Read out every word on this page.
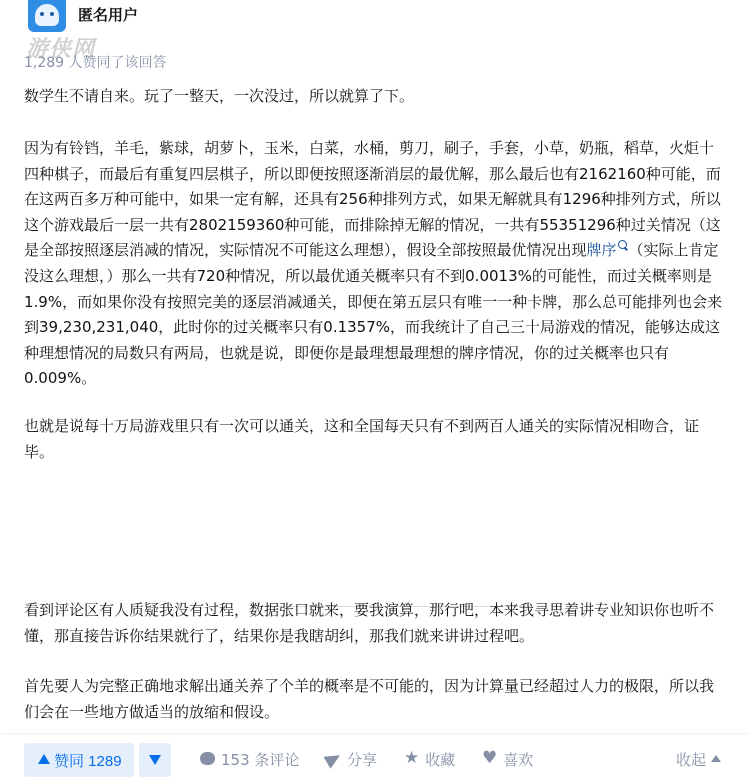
匿名用户
游侠网
1,289 人赞同了该回答

数学生不请自来。玩了一整天，一次没过，所以就算了下。

因为有铃铛，羊毛，紫球，胡萝卜，玉米，白菜，水桶，剪刀，刷子，手套，小草，奶瓶，稻草，火炬十四种棋子，而最后有重复四层棋子，所以即便按照逐渐消层的最优解，那么最后也有2162160种可能，而在这两百多万种可能中，如果一定有解，还具有256种排列方式，如果无解就具有1296种排列方式，所以这个游戏最后一层一共有2802159360种可能，而排除掉无解的情况，一共有55351296种过关情况（这是全部按照逐层消减的情况，实际情况不可能这么理想），假设全部按照最优情况出现牌序 （实际上肯定没这么理想，）那么一共有720种情况，所以最优通关概率只有不到0.0013%的可能性，而过关概率则是1.9%，而如果你没有按照完美的逐层消减通关，即便在第五层只有唯一一种卡牌，那么总可能排列也会来到39,230,231,040，此时你的过关概率只有0.1357%，而我统计了自己三十局游戏的情况，能够达成这种理想情况的局数只有两局，也就是说，即便你是最理想最理想的牌序情况，你的过关概率也只有0.009%。

也就是说每十万局游戏里只有一次可以通关，这和全国每天只有不到两百人通关的实际情况相吻合，证毕。

看到评论区有人质疑我没有过程，数据张口就来，要我演算，那行吧，本来我寻思着讲专业知识你也听不懂，那直接告诉你结果就行了，结果你是我瞎胡纠，那我们就来讲讲过程吧。

首先要人为完整正确地求解出通关养了个羊的概率是不可能的，因为计算量已经超过人力的极限，所以我们会在一些地方做适当的放缩和假设。

赞同 1289	153 条评论	分享 ★ 收藏 ♥ 喜欢	收起
